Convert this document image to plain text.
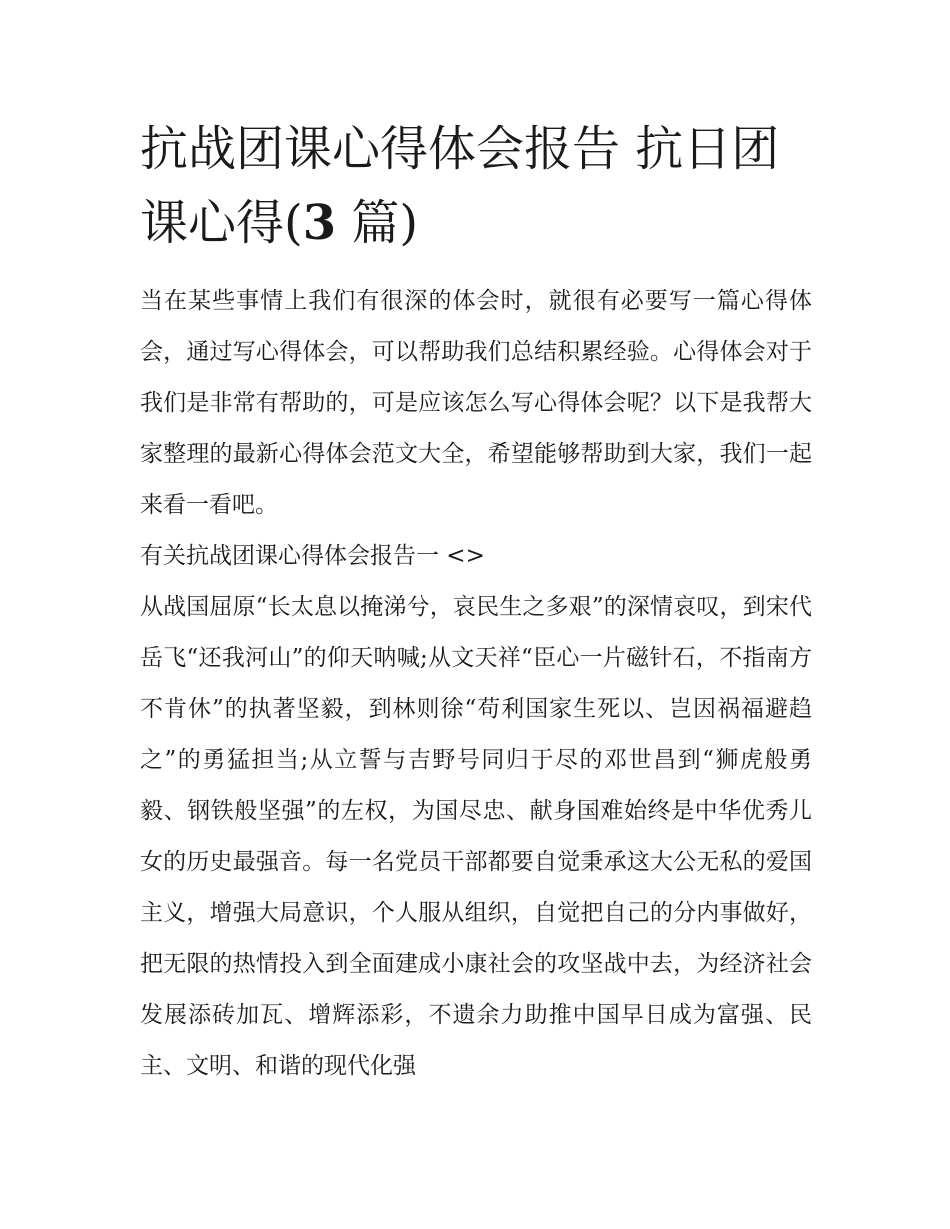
抗战团课心得体会报告 抗日团课心得(3 篇)

当在某些事情上我们有很深的体会时，就很有必要写一篇心得体会，通过写心得体会，可以帮助我们总结积累经验。心得体会对于我们是非常有帮助的，可是应该怎么写心得体会呢？以下是我帮大家整理的最新心得体会范文大全，希望能够帮助到大家，我们一起来看一看吧。

有关抗战团课心得体会报告一 <>

从战国屈原“长太息以掩涕兮，哀民生之多艰”的深情哀叹，到宋代岳飞“还我河山”的仰天呐喊;从文天祥“臣心一片磁针石，不指南方不肯休”的执著坚毅，到林则徐“苟利国家生死以、岂因祸福避趋之”的勇猛担当;从立誓与吉野号同归于尽的邓世昌到“狮虎般勇毅、钢铁般坚强”的左权，为国尽忠、献身国难始终是中华优秀儿女的历史最强音。每一名党员干部都要自觉秉承这大公无私的爱国主义，增强大局意识，个人服从组织，自觉把自己的分内事做好，把无限的热情投入到全面建成小康社会的攻坚战中去，为经济社会发展添砖加瓦、增辉添彩，不遗余力助推中国早日成为富强、民主、文明、和谐的现代化强
